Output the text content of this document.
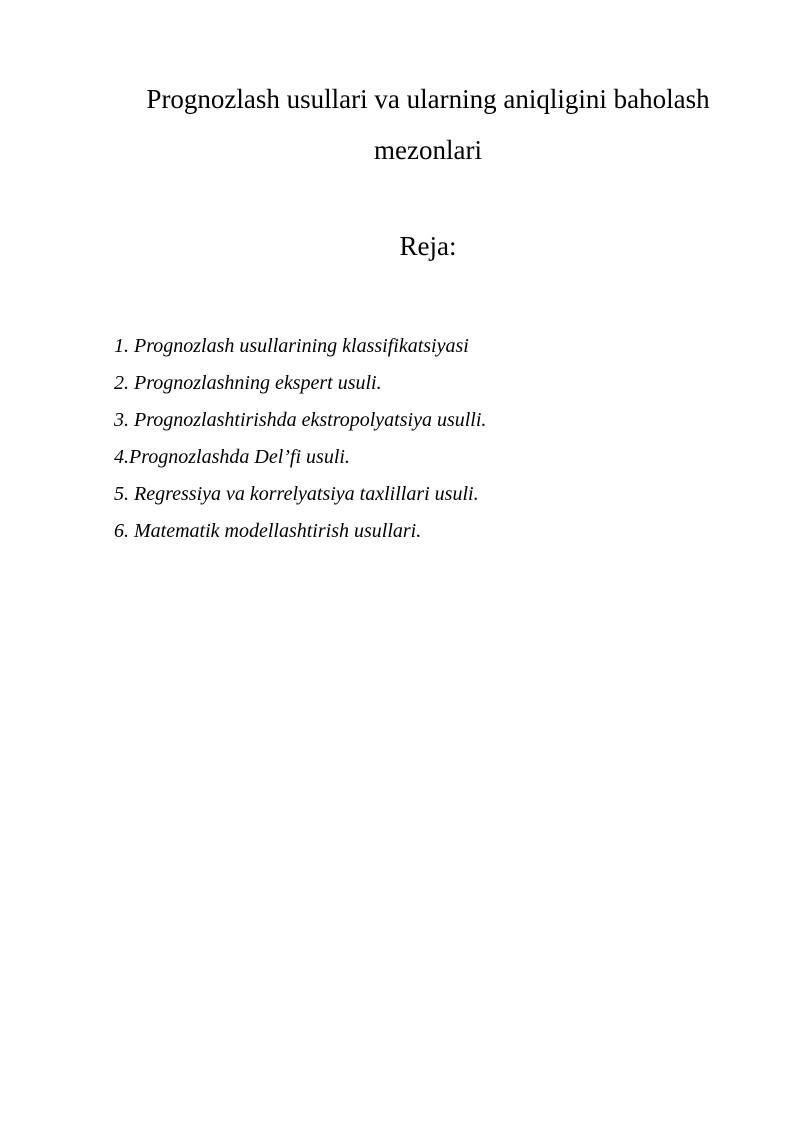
Prognozlash usullari va ularning aniqligini baholash mezonlari
Reja:
1. Prognozlash usullarining klassifikatsiyasi
2. Prognozlashning ekspert usuli.
3. Prognozlashtirishda ekstropolyatsiya usulli.
4.Prognozlashda Del’fi usuli.
5. Regressiya va korrelyatsiya taxlillari usuli.
6. Matematik modellashtirish usullari.
